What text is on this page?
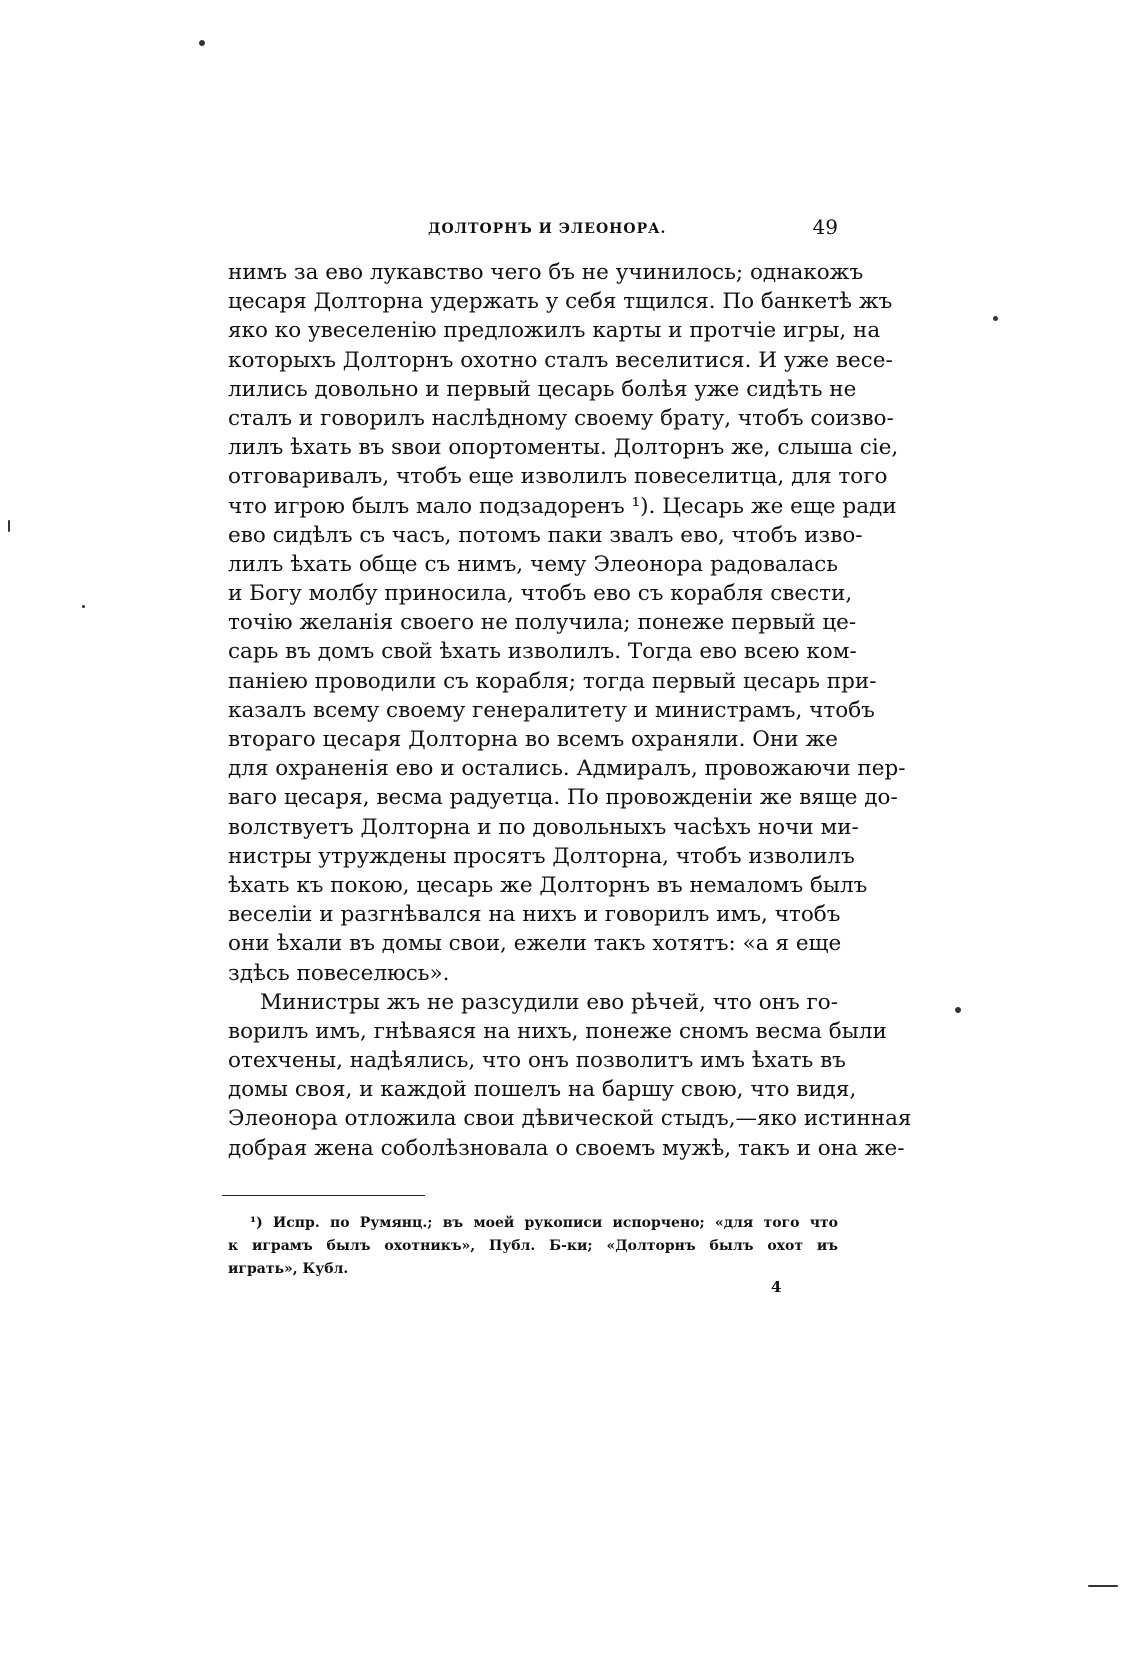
ДОЛТОРНЪ И ЭЛЕОНОРА.	49
нимъ за ево лукавство чего бъ не учинилось; однакожъ
цесаря Долторна удержать у себя тщился. По банкетѣ жъ
яко ко увеселенію предложилъ карты и протчіе игры, на
которыхъ Долторнъ охотно сталъ веселитися. И уже весе-
лились довольно и первый цесарь болѣя уже сидѣть не
сталъ и говорилъ наслѣдному своему брату, чтобъ соизво-
лилъ ѣхать въ ѕвои опортоменты. Долторнъ же, слыша сіе,
отговаривалъ, чтобъ еще изволилъ повеселитца, для того
что игрою былъ мало подзадоренъ ¹). Цесарь же еще ради
ево сидѣлъ съ часъ, потомъ паки звалъ ево, чтобъ изво-
лилъ ѣхать обще съ нимъ, чему Элеонора радовалась
и Богу молбу приносила, чтобъ ево съ корабля свести,
точію желанія своего не получила; понеже первый це-
сарь въ домъ свой ѣхать изволилъ. Тогда ево всею ком-
паніею проводили съ корабля; тогда первый цесарь при-
казалъ всему своему генералитету и министрамъ, чтобъ
втораго цесаря Долторна во всемъ охраняли. Они же
для охраненія ево и остались. Адмиралъ, провожаючи пер-
ваго цесаря, весма радуетца. По провожденіи же вяще до-
волствуетъ Долторна и по довольныхъ часѣхъ ночи ми-
нистры утруждены просятъ Долторна, чтобъ изволилъ
ѣхать къ покою, цесарь же Долторнъ въ немаломъ былъ
веселіи и разгнѣвался на нихъ и говорилъ имъ, чтобъ
они ѣхали въ домы свои, ежели такъ хотятъ: «а я еще
здѣсь повеселюсь».
Министры жъ не разсудили ево рѣчей, что онъ го-
ворилъ имъ, гнѣваяся на нихъ, понеже сномъ весма были
отехчены, надѣялись, что онъ позволитъ имъ ѣхать въ
домы своя, и каждой пошелъ на баршу свою, что видя,
Элеонора отложила свои дѣвической стыдъ,—яко истинная
добрая жена соболѣзновала о своемъ мужѣ, такъ и она же-
¹) Испр. по Румянц.; въ моей рукописи испорчено; «для того что
к играмъ былъ охотникъ», Публ. Б-ки; «Долторнъ былъ охот иъ
играть», Кубл.
4
